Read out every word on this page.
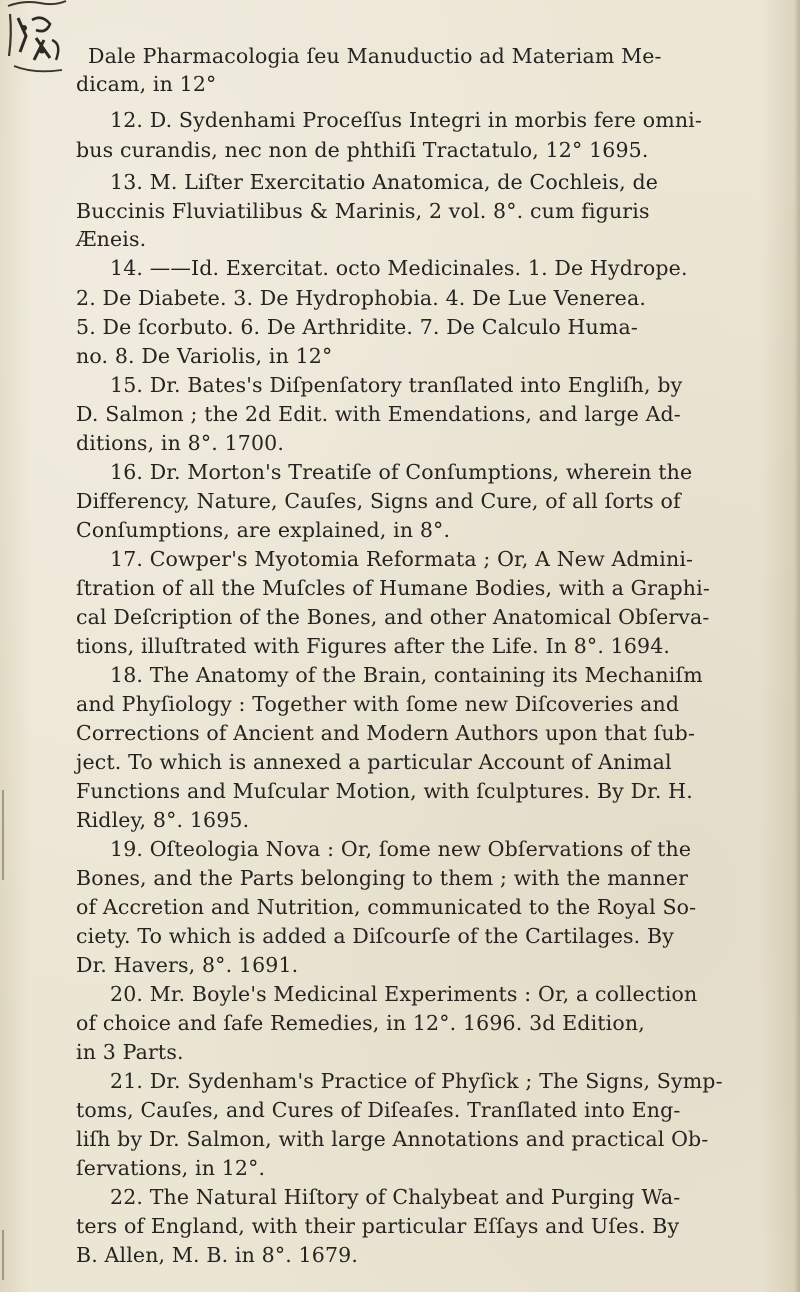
Dale Pharmacologia ſeu Manuductio ad Materiam Me-
dicam, in 12°
12. D. Sydenhami Proceſſus Integri in morbis fere omni-
bus curandis, nec non de phthiſi Tractatulo, 12° 1695.
13. M. Liſter Exercitatio Anatomica, de Cochleis, de
Buccinis Fluviatilibus & Marinis, 2 vol. 8°. cum figuris
Æneis.
14. ——Id. Exercitat. octo Medicinales. 1. De Hydrope.
2. De Diabete. 3. De Hydrophobia. 4. De Lue Venerea.
5. De ſcorbuto. 6. De Arthridite. 7. De Calculo Huma-
no. 8. De Variolis, in 12°
15. Dr. Bates's Diſpenſatory tranſlated into Engliſh, by
D. Salmon ; the 2d Edit. with Emendations, and large Ad-
ditions, in 8°. 1700.
16. Dr. Morton's Treatiſe of Conſumptions, wherein the
Differency, Nature, Cauſes, Signs and Cure, of all ſorts of
Conſumptions, are explained, in 8°.
17. Cowper's Myotomia Reformata ; Or, A New Admini-
ſtration of all the Muſcles of Humane Bodies, with a Graphi-
cal Deſcription of the Bones, and other Anatomical Obſerva-
tions, illuſtrated with Figures after the Life. In 8°. 1694.
18. The Anatomy of the Brain, containing its Mechaniſm
and Phyſiology : Together with ſome new Diſcoveries and
Corrections of Ancient and Modern Authors upon that ſub-
ject. To which is annexed a particular Account of Animal
Functions and Muſcular Motion, with ſculptures. By Dr. H.
Ridley, 8°. 1695.
19. Oſteologia Nova : Or, ſome new Obſervations of the
Bones, and the Parts belonging to them ; with the manner
of Accretion and Nutrition, communicated to the Royal So-
ciety. To which is added a Diſcourſe of the Cartilages. By
Dr. Havers, 8°. 1691.
20. Mr. Boyle's Medicinal Experiments : Or, a collection
of choice and ſafe Remedies, in 12°. 1696. 3d Edition,
in 3 Parts.
21. Dr. Sydenham's Practice of Phyſick ; The Signs, Symp-
toms, Cauſes, and Cures of Diſeaſes. Tranſlated into Eng-
liſh by Dr. Salmon, with large Annotations and practical Ob-
ſervations, in 12°.
22. The Natural Hiſtory of Chalybeat and Purging Wa-
ters of England, with their particular Eſſays and Uſes. By
B. Allen, M. B. in 8°. 1679.
